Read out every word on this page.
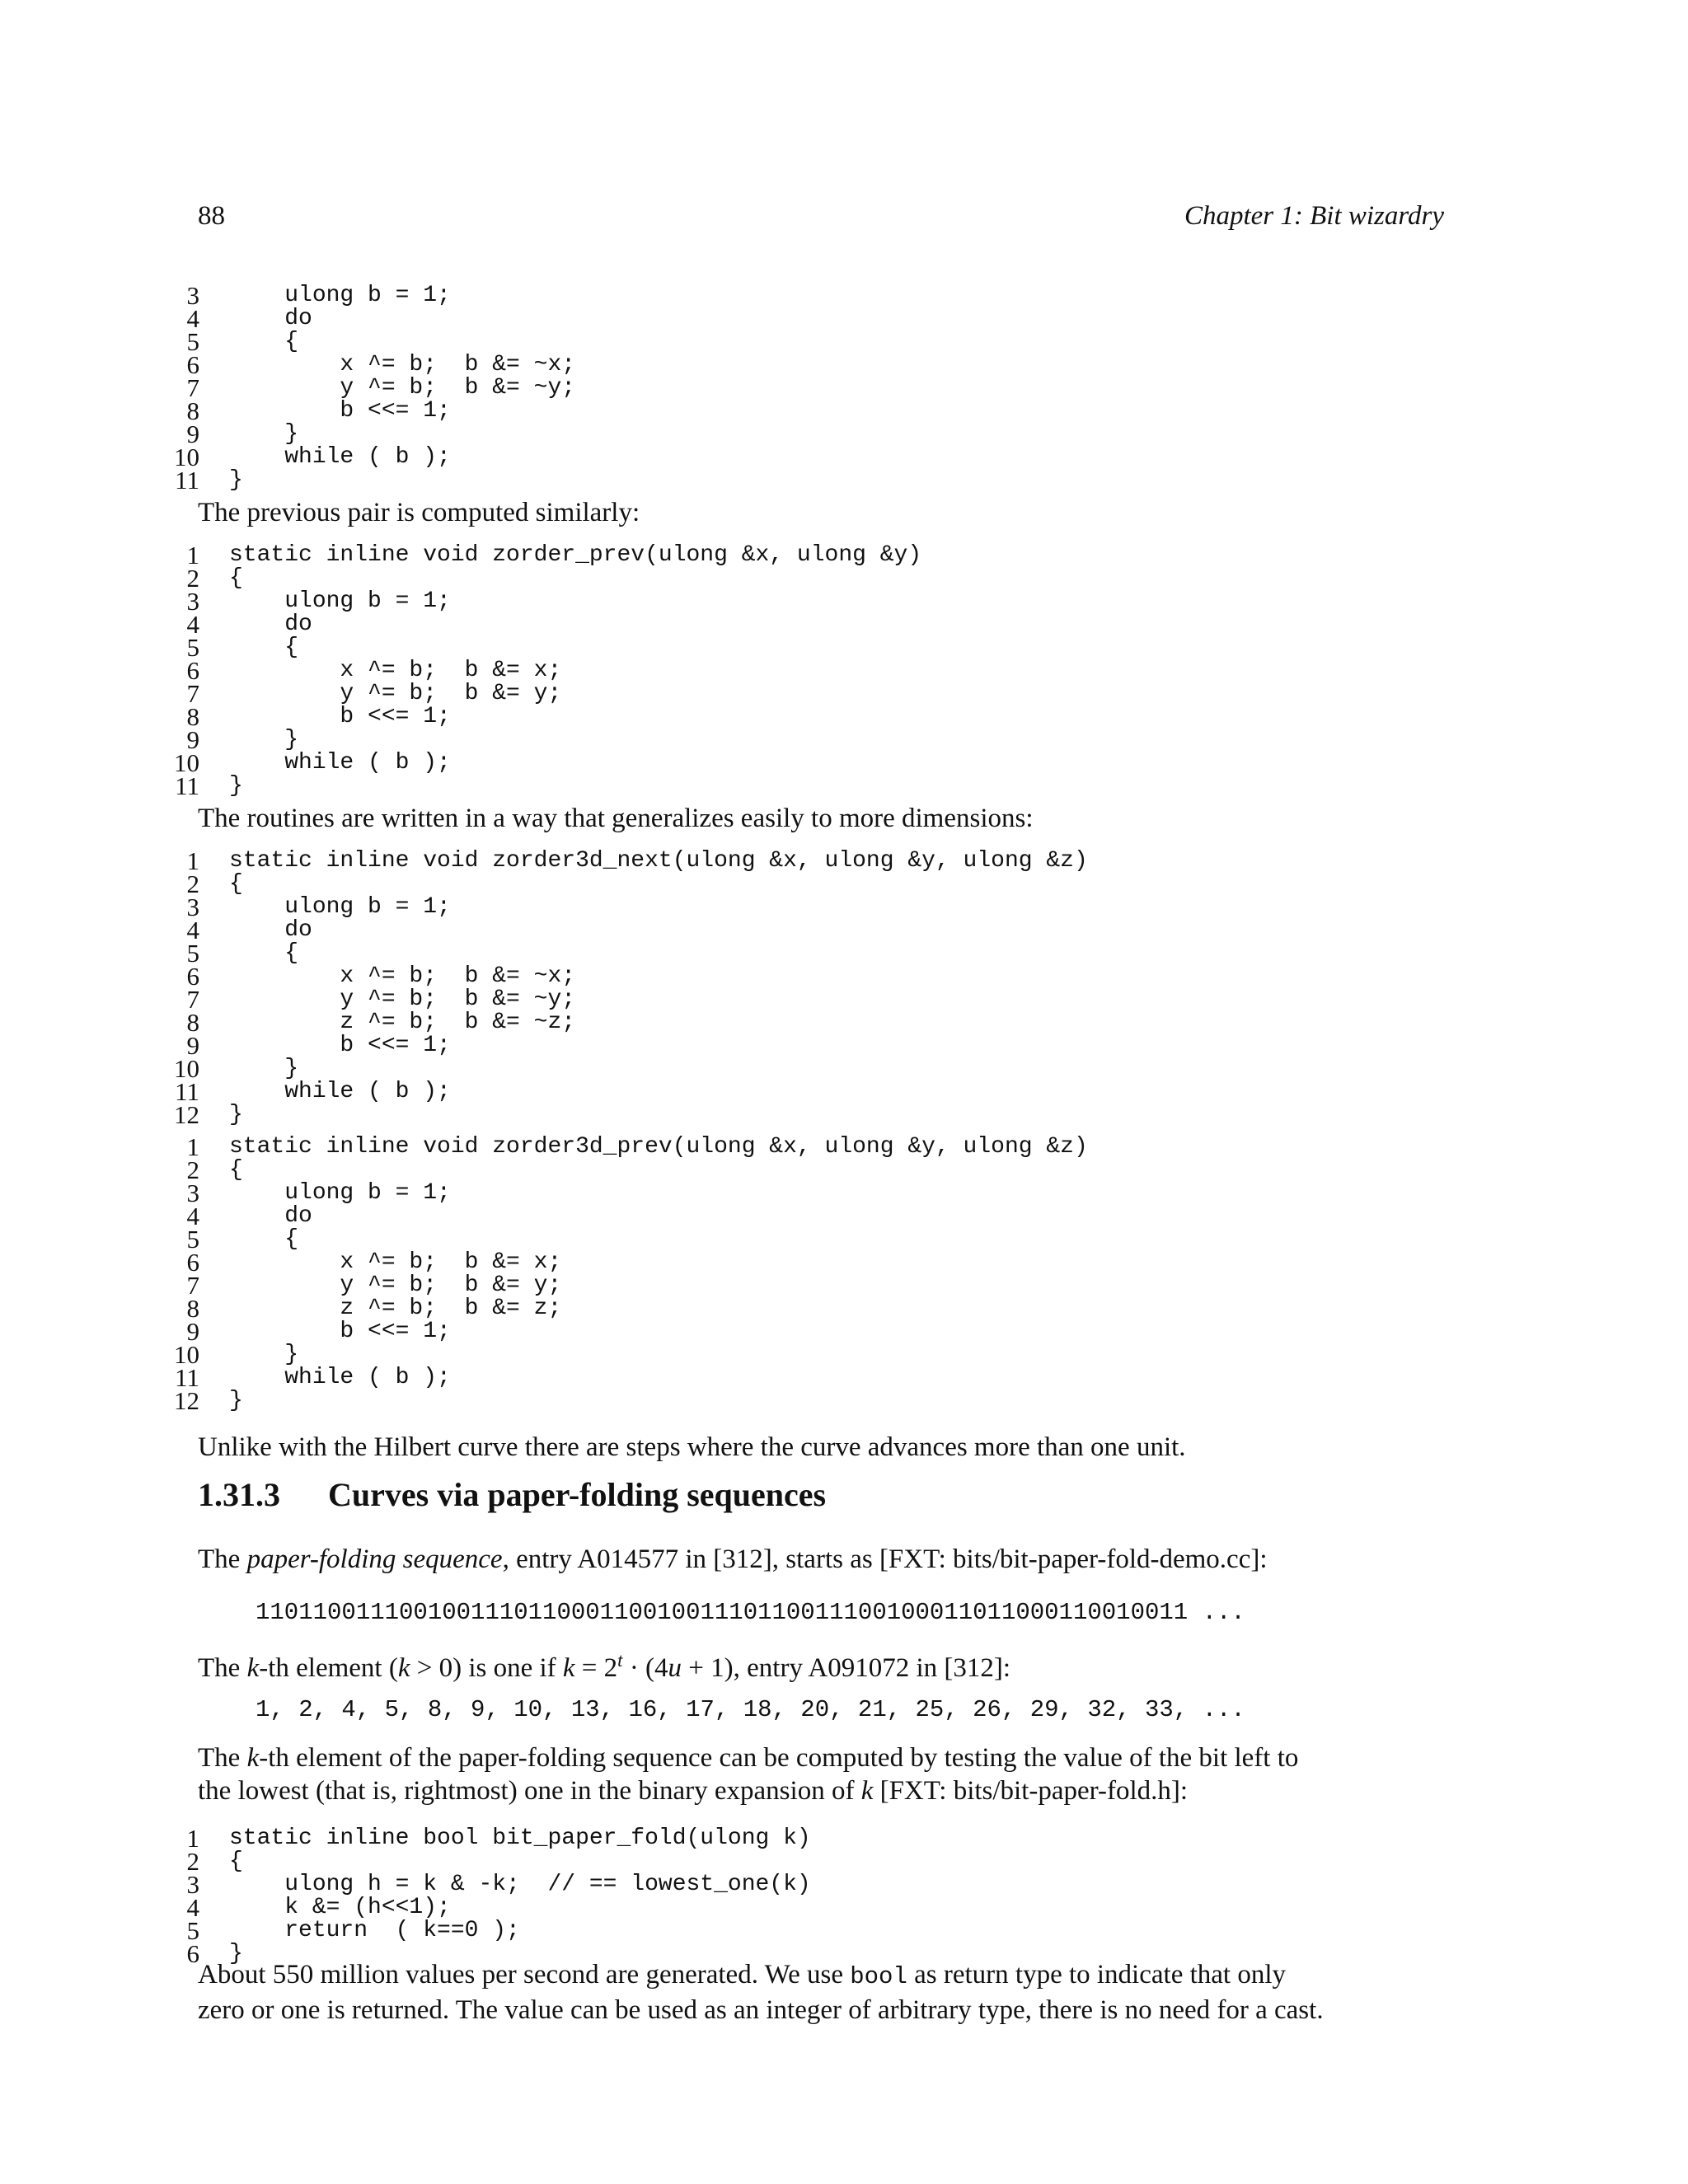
88	Chapter 1: Bit wizardry
3	ulong b = 1;
4	do
5	{
6	x ^= b;  b &= ~x;
7	y ^= b;  b &= ~y;
8	b <<= 1;
9	}
10	while ( b );
11	}
The previous pair is computed similarly:
1	static inline void zorder_prev(ulong &x, ulong &y)
2	{
3	ulong b = 1;
4	do
5	{
6	x ^= b;  b &= x;
7	y ^= b;  b &= y;
8	b <<= 1;
9	}
10	while ( b );
11	}
The routines are written in a way that generalizes easily to more dimensions:
1	static inline void zorder3d_next(ulong &x, ulong &y, ulong &z)
2	{
3	ulong b = 1;
4	do
5	{
6	x ^= b;  b &= ~x;
7	y ^= b;  b &= ~y;
8	z ^= b;  b &= ~z;
9	b <<= 1;
10	}
11	while ( b );
12	}
1	static inline void zorder3d_prev(ulong &x, ulong &y, ulong &z)
2	{
3	ulong b = 1;
4	do
5	{
6	x ^= b;  b &= x;
7	y ^= b;  b &= y;
8	z ^= b;  b &= z;
9	b <<= 1;
10	}
11	while ( b );
12	}
Unlike with the Hilbert curve there are steps where the curve advances more than one unit.
1.31.3 Curves via paper-folding sequences
The paper-folding sequence, entry A014577 in [312], starts as [FXT: bits/bit-paper-fold-demo.cc]:
11011001110010011101100011001001110110011100100011011000110010011 ...
The k-th element (k > 0) is one if $k = 2^t \cdot (4u + 1)$, entry A091072 in [312]:
1, 2, 4, 5, 8, 9, 10, 13, 16, 17, 18, 20, 21, 25, 26, 29, 32, 33, ...
The k-th element of the paper-folding sequence can be computed by testing the value of the bit left to
the lowest (that is, rightmost) one in the binary expansion of k [FXT: bits/bit-paper-fold.h]:
1	static inline bool bit_paper_fold(ulong k)
2	{
3	ulong h = k & -k;  // == lowest_one(k)
4	k &= (h<<1);
5	return  ( k==0 );
6	}
About 550 million values per second are generated. We use bool as return type to indicate that only
zero or one is returned. The value can be used as an integer of arbitrary type, there is no need for a cast.
